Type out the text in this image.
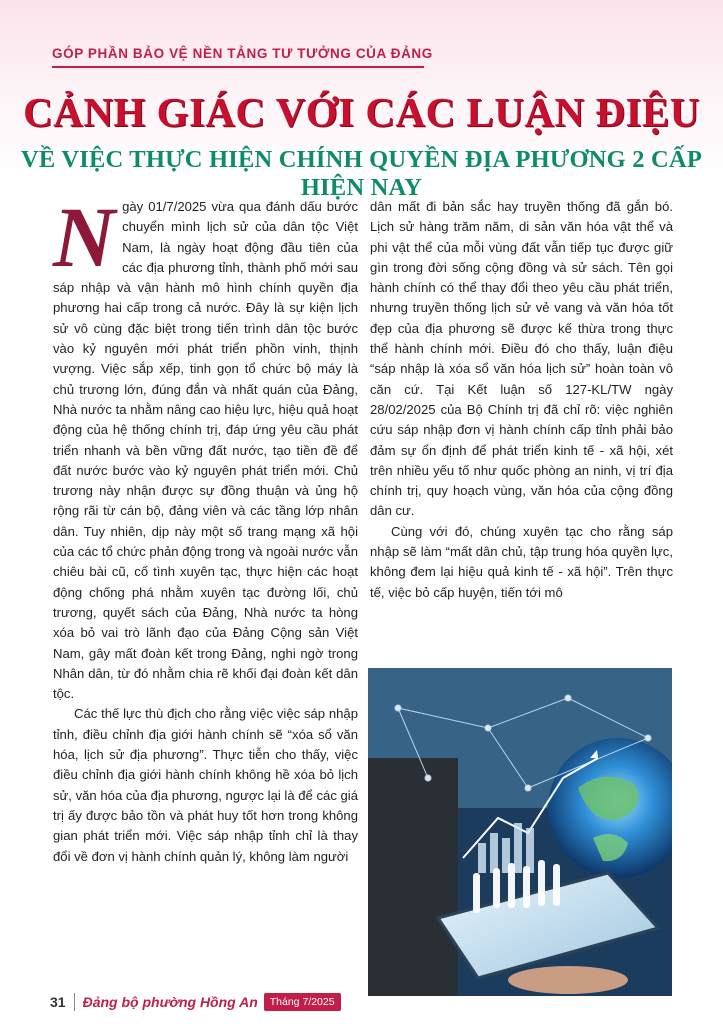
GÓP PHẦN BẢO VỆ NỀN TẢNG TƯ TƯỞNG CỦA ĐẢNG
CẢNH GIÁC VỚI CÁC LUẬN ĐIỆU
VỀ VIỆC THỰC HIỆN CHÍNH QUYỀN ĐỊA PHƯƠNG 2 CẤP HIỆN NAY

Ngày 01/7/2025 vừa qua đánh dấu bước chuyển mình lịch sử của dân tộc Việt Nam, là ngày hoạt động đầu tiên của các địa phương tỉnh, thành phố mới sau sáp nhập và vận hành mô hình chính quyền địa phương hai cấp trong cả nước. Đây là sự kiện lịch sử vô cùng đặc biệt trong tiến trình dân tộc bước vào kỷ nguyên mới phát triển phồn vinh, thịnh vượng. Việc sắp xếp, tinh gọn tổ chức bộ máy là chủ trương lớn, đúng đắn và nhất quán của Đảng, Nhà nước ta nhằm nâng cao hiệu lực, hiệu quả hoạt động của hệ thống chính trị, đáp ứng yêu cầu phát triển nhanh và bền vững đất nước, tạo tiền đề để đất nước bước vào kỷ nguyên phát triển mới. Chủ trương này nhận được sự đồng thuận và ủng hộ rộng rãi từ cán bộ, đảng viên và các tầng lớp nhân dân. Tuy nhiên, dịp này một số trang mạng xã hội của các tổ chức phản động trong và ngoài nước vẫn chiêu bài cũ, cố tình xuyên tạc, thực hiện các hoạt động chống phá nhằm xuyên tạc đường lối, chủ trương, quyết sách của Đảng, Nhà nước ta hòng xóa bỏ vai trò lãnh đạo của Đảng Cộng sản Việt Nam, gây mất đoàn kết trong Đảng, nghi ngờ trong Nhân dân, từ đó nhằm chia rẽ khối đại đoàn kết dân tộc.

Các thế lực thù địch cho rằng việc việc sáp nhập tỉnh, điều chỉnh địa giới hành chính sẽ “xóa sổ văn hóa, lịch sử địa phương”. Thực tiễn cho thấy, việc điều chỉnh địa giới hành chính không hề xóa bỏ lịch sử, văn hóa của địa phương, ngược lại là để các giá trị ấy được bảo tồn và phát huy tốt hơn trong không gian phát triển mới. Việc sáp nhập tỉnh chỉ là thay đổi về đơn vị hành chính quản lý, không làm người

dân mất đi bản sắc hay truyền thống đã gắn bó. Lịch sử hàng trăm năm, di sản văn hóa vật thể và phi vật thể của mỗi vùng đất vẫn tiếp tục được giữ gìn trong đời sống cộng đồng và sử sách. Tên gọi hành chính có thể thay đổi theo yêu cầu phát triển, nhưng truyền thống lịch sử vẻ vang và văn hóa tốt đẹp của địa phương sẽ được kế thừa trong thực thể hành chính mới. Điều đó cho thấy, luận điệu “sáp nhập là xóa sổ văn hóa lịch sử” hoàn toàn vô căn cứ. Tại Kết luận số 127-KL/TW ngày 28/02/2025 của Bộ Chính trị đã chỉ rõ: việc nghiên cứu sáp nhập đơn vị hành chính cấp tỉnh phải bảo đảm sự ổn định để phát triển kinh tế - xã hội, xét trên nhiều yếu tố như quốc phòng an ninh, vị trí địa chính trị, quy hoạch vùng, văn hóa của cộng đồng dân cư.

Cùng với đó, chúng xuyên tạc cho rằng sáp nhập sẽ làm “mất dân chủ, tập trung hóa quyền lực, không đem lại hiệu quả kinh tế - xã hội”. Trên thực tế, việc bỏ cấp huyện, tiến tới mô

31 Đảng bộ phường Hồng An	Tháng 7/2025
